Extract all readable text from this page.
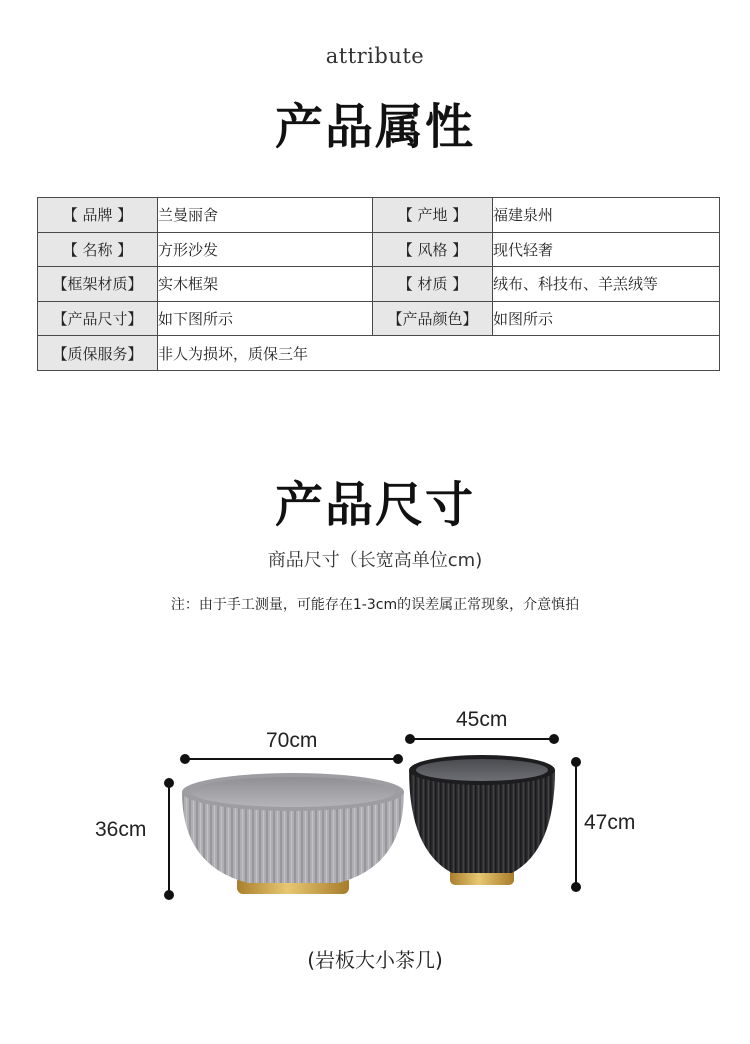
attribute
产品属性
【 品牌 】	兰曼丽舍	【 产地 】	福建泉州
【 名称 】	方形沙发	【 风格 】	现代轻奢
【框架材质】	实木框架	【 材质 】	绒布、科技布、羊羔绒等
【产品尺寸】	如下图所示	【产品颜色】	如图所示
【质保服务】	非人为损坏，质保三年		
产品尺寸
商品尺寸（长宽高单位cm)
注：由于手工测量，可能存在1-3cm的误差属正常现象，介意慎拍
70cm
36cm
45cm
47cm
(岩板大小茶几)
